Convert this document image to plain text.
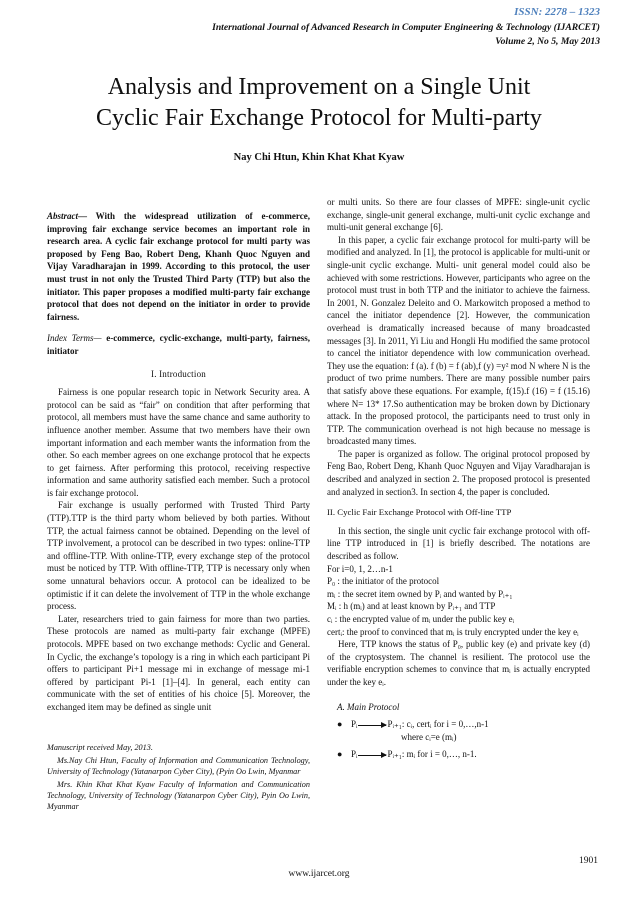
ISSN: 2278 – 1323
International Journal of Advanced Research in Computer Engineering & Technology (IJARCET)
Volume 2, No 5, May 2013
Analysis and Improvement on a Single Unit
Cyclic Fair Exchange Protocol for Multi-party
Nay Chi Htun, Khin Khat Khat Kyaw

Abstract— With the widespread utilization of e-commerce, improving fair exchange service becomes an important role in research area. A cyclic fair exchange protocol for multi party was proposed by Feng Bao, Robert Deng, Khanh Quoc Nguyen and Vijay Varadharajan in 1999. According to this protocol, the user must trust in not only the Trusted Third Party (TTP) but also the initiator. This paper proposes a modified multi-party fair exchange protocol that does not depend on the initiator in order to provide fairness.

Index Terms— e-commerce, cyclic-exchange, multi-party, fairness, initiator

I. Introduction

Fairness is one popular research topic in Network Security area. A protocol can be said as “fair” on condition that after performing that protocol, all members must have the same chance and same authority to influence another member. Assume that two members have their own important information and each member wants the information from the other. So each member agrees on one exchange protocol that he expects to get fairness. After performing this protocol, receiving respective information and same authority satisfied each member. Such a protocol is fair exchange protocol.

Fair exchange is usually performed with Trusted Third Party (TTP).TTP is the third party whom believed by both parties. Without TTP, the actual fairness cannot be obtained. Depending on the level of TTP involvement, a protocol can be described in two types: online-TTP and offline-TTP. With online-TTP, every exchange step of the protocol must be noticed by TTP. With offline-TTP, TTP is necessary only when some unnatural behaviors occur. A protocol can be idealized to be optimistic if it can delete the involvement of TTP in the whole exchange process.

Later, researchers tried to gain fairness for more than two parties. These protocols are named as multi-party fair exchange (MPFE) protocols. MPFE based on two exchange methods: Cyclic and General. In Cyclic, the exchange’s topology is a ring in which each participant Pi offers to participant Pi+1 message mi in exchange of message mi-1 offered by participant Pi-1 [1]–[4]. In general, each entity can communicate with the set of entities of his choice [5]. Moreover, the exchanged item may be defined as single unit

Manuscript received May, 2013.

Ms.Nay Chi Htun, Faculty of Information and Communication Technology, University of Technology (Yatanarpon Cyber City), (Pyin Oo Lwin, Myanmar

Mrs. Khin Khat Khat Kyaw Faculty of Information and Communication Technology, University of Technology (Yatanarpon Cyber City), Pyin Oo Lwin, Myanmar

or multi units. So there are four classes of MPFE: single-unit cyclic exchange, single-unit general exchange, multi-unit cyclic exchange and multi-unit general exchange [6].

In this paper, a cyclic fair exchange protocol for multi-party will be modified and analyzed. In [1], the protocol is applicable for multi-unit or single-unit cyclic exchange. Multi- unit general model could also be achieved with some restrictions. However, participants who agree on the protocol must trust in both TTP and the initiator to achieve the fairness. In 2001, N. Gonzalez Deleito and O. Markowitch proposed a method to cancel the initiator dependence [2]. However, the communication overhead is dramatically increased because of many broadcasted messages [3]. In 2011, Yi Liu and Hongli Hu modified the same protocol to cancel the initiator dependence with low communication overhead. They use the equation: f (a). f (b) = f (ab),f (y) =y² mod N where N is the product of two prime numbers. There are many possible number pairs that satisfy above these equations. For example, f(15).f (16) = f (15.16) where N= 13* 17.So authentication may be broken down by Dictionary attack. In the proposed protocol, the participants need to trust only in TTP. The communication overhead is not high because no message is broadcasted many times.

The paper is organized as follow. The original protocol proposed by Feng Bao, Robert Deng, Khanh Quoc Nguyen and Vijay Varadharajan is described and analyzed in section 2. The proposed protocol is presented and analyzed in section3. In section 4, the paper is concluded.

II. Cyclic Fair Exchange Protocol with Off-line TTP

In this section, the single unit cyclic fair exchange protocol with off-line TTP introduced in [1] is briefly described. The notations are described as follow.

For i=0, 1, 2…n-1

P₀ : the initiator of the protocol

mᵢ : the secret item owned by Pᵢ and wanted by Pᵢ₊₁

Mᵢ : h (mᵢ) and at least known by Pᵢ₊₁ and TTP

cᵢ : the encrypted value of mᵢ under the public key eᵢ

certᵢ: the proof to convinced that mᵢ is truly encrypted under the key eᵢ

Here, TTP knows the status of P₀, public key (e) and private key (d) of the cryptosystem. The channel is resilient. The protocol use the verifiable encryption schemes to convince that mᵢ is actually encrypted under the key eᵢ.

A. Main Protocol
● Pᵢ	Pᵢ₊₁: cᵢ, certᵢ for i = 0,…,n-1
where cᵢ=e (mᵢ)
● Pᵢ	Pᵢ₊₁: mᵢ for i = 0,…, n-1.
1901
www.ijarcet.org
